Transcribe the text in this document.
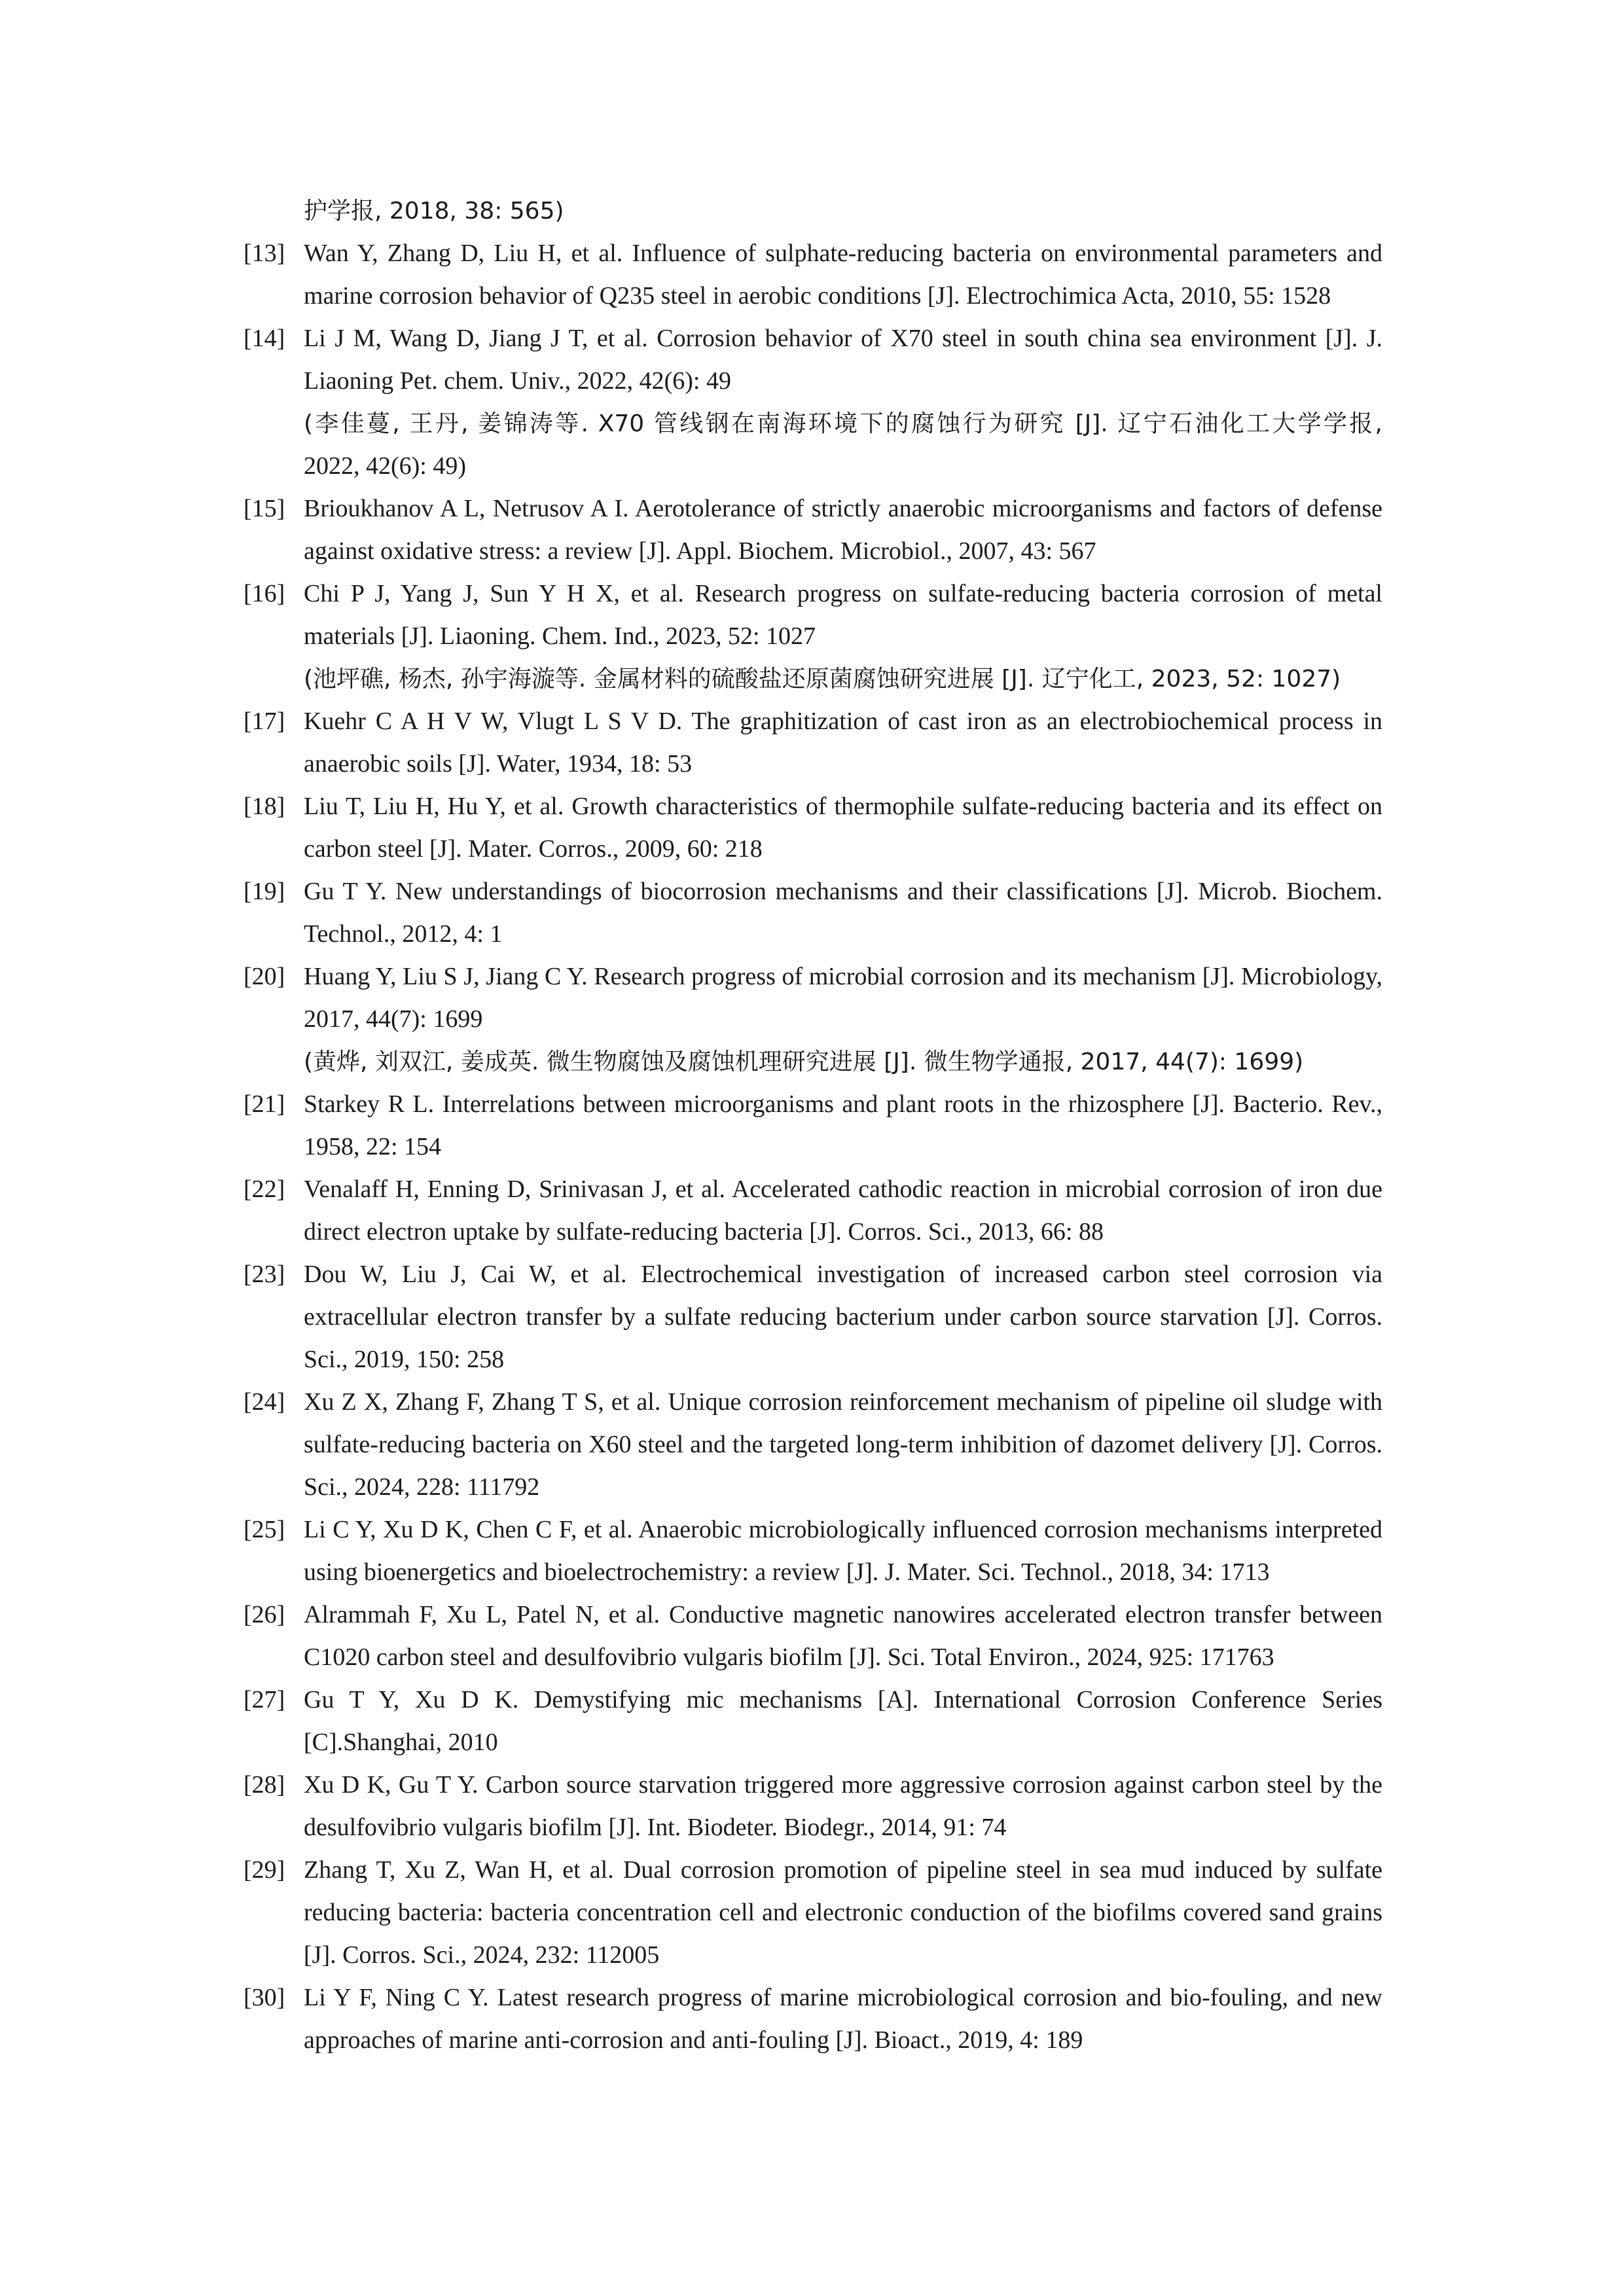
护学报, 2018, 38: 565)
[13] Wan Y, Zhang D, Liu H, et al. Influence of sulphate-reducing bacteria on environmental parameters and
marine corrosion behavior of Q235 steel in aerobic conditions [J]. Electrochimica Acta, 2010, 55: 1528
[14] Li J M, Wang D, Jiang J T, et al. Corrosion behavior of X70 steel in south china sea environment [J]. J.
Liaoning Pet. chem. Univ., 2022, 42(6): 49
(李佳蔓, 王丹, 姜锦涛等. X70 管线钢在南海环境下的腐蚀行为研究 [J]. 辽宁石油化工大学学报,
2022, 42(6): 49)
[15] Brioukhanov A L, Netrusov A I. Aerotolerance of strictly anaerobic microorganisms and factors of defense
against oxidative stress: a review [J]. Appl. Biochem. Microbiol., 2007, 43: 567
[16] Chi P J, Yang J, Sun Y H X, et al. Research progress on sulfate-reducing bacteria corrosion of metal
materials [J]. Liaoning. Chem. Ind., 2023, 52: 1027
(池坪礁, 杨杰, 孙宇海漩等. 金属材料的硫酸盐还原菌腐蚀研究进展 [J]. 辽宁化工, 2023, 52: 1027)
[17] Kuehr C A H V W, Vlugt L S V D. The graphitization of cast iron as an electrobiochemical process in
anaerobic soils [J]. Water, 1934, 18: 53
[18] Liu T, Liu H, Hu Y, et al. Growth characteristics of thermophile sulfate-reducing bacteria and its effect on
carbon steel [J]. Mater. Corros., 2009, 60: 218
[19] Gu T Y. New understandings of biocorrosion mechanisms and their classifications [J]. Microb. Biochem.
Technol., 2012, 4: 1
[20] Huang Y, Liu S J, Jiang C Y. Research progress of microbial corrosion and its mechanism [J]. Microbiology,
2017, 44(7): 1699
(黄烨, 刘双江, 姜成英. 微生物腐蚀及腐蚀机理研究进展 [J]. 微生物学通报, 2017, 44(7): 1699)
[21] Starkey R L. Interrelations between microorganisms and plant roots in the rhizosphere [J]. Bacterio. Rev.,
1958, 22: 154
[22] Venalaff H, Enning D, Srinivasan J, et al. Accelerated cathodic reaction in microbial corrosion of iron due
direct electron uptake by sulfate-reducing bacteria [J]. Corros. Sci., 2013, 66: 88
[23] Dou W, Liu J, Cai W, et al. Electrochemical investigation of increased carbon steel corrosion via
extracellular electron transfer by a sulfate reducing bacterium under carbon source starvation [J]. Corros.
Sci., 2019, 150: 258
[24] Xu Z X, Zhang F, Zhang T S, et al. Unique corrosion reinforcement mechanism of pipeline oil sludge with
sulfate-reducing bacteria on X60 steel and the targeted long-term inhibition of dazomet delivery [J]. Corros.
Sci., 2024, 228: 111792
[25] Li C Y, Xu D K, Chen C F, et al. Anaerobic microbiologically influenced corrosion mechanisms interpreted
using bioenergetics and bioelectrochemistry: a review [J]. J. Mater. Sci. Technol., 2018, 34: 1713
[26] Alrammah F, Xu L, Patel N, et al. Conductive magnetic nanowires accelerated electron transfer between
C1020 carbon steel and desulfovibrio vulgaris biofilm [J]. Sci. Total Environ., 2024, 925: 171763
[27] Gu T Y, Xu D K. Demystifying mic mechanisms [A]. International Corrosion Conference Series
[C].Shanghai, 2010
[28] Xu D K, Gu T Y. Carbon source starvation triggered more aggressive corrosion against carbon steel by the
desulfovibrio vulgaris biofilm [J]. Int. Biodeter. Biodegr., 2014, 91: 74
[29] Zhang T, Xu Z, Wan H, et al. Dual corrosion promotion of pipeline steel in sea mud induced by sulfate
reducing bacteria: bacteria concentration cell and electronic conduction of the biofilms covered sand grains
[J]. Corros. Sci., 2024, 232: 112005
[30] Li Y F, Ning C Y. Latest research progress of marine microbiological corrosion and bio-fouling, and new
approaches of marine anti-corrosion and anti-fouling [J]. Bioact., 2019, 4: 189
